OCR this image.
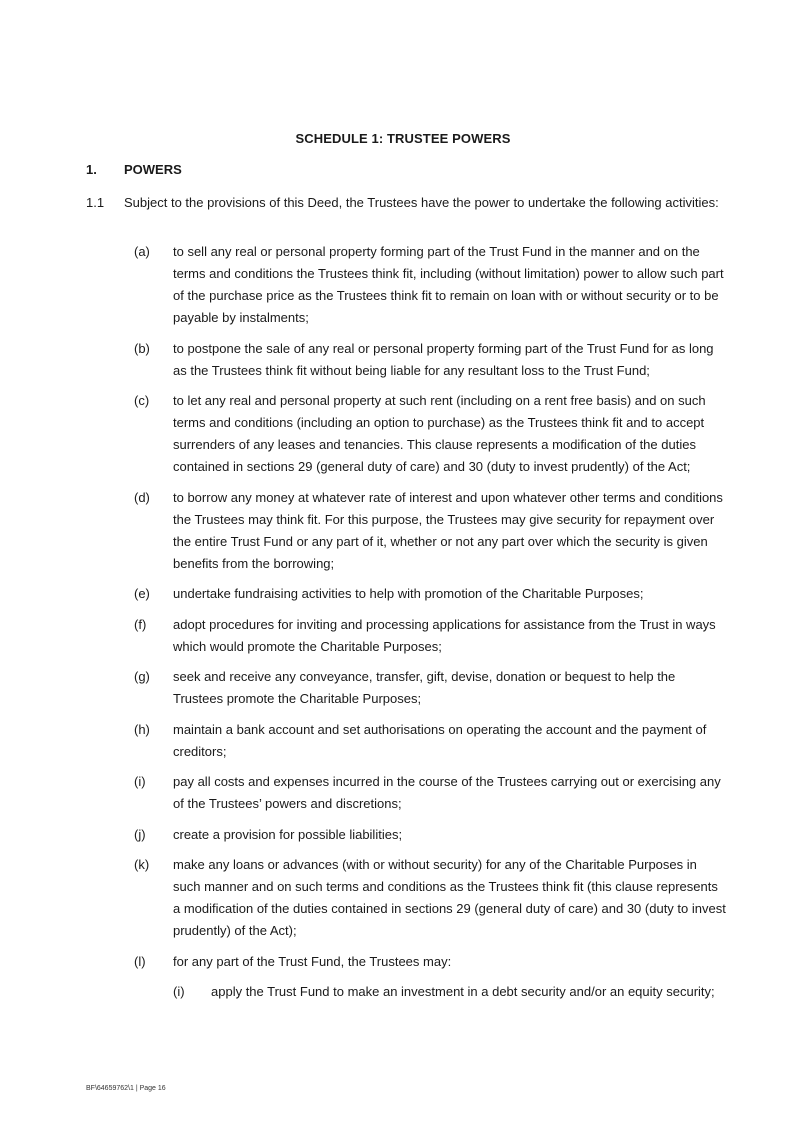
SCHEDULE 1: TRUSTEE POWERS
1. POWERS
1.1 Subject to the provisions of this Deed, the Trustees have the power to undertake the following activities:
(a) to sell any real or personal property forming part of the Trust Fund in the manner and on the terms and conditions the Trustees think fit, including (without limitation) power to allow such part of the purchase price as the Trustees think fit to remain on loan with or without security or to be payable by instalments;
(b) to postpone the sale of any real or personal property forming part of the Trust Fund for as long as the Trustees think fit without being liable for any resultant loss to the Trust Fund;
(c) to let any real and personal property at such rent (including on a rent free basis) and on such terms and conditions (including an option to purchase) as the Trustees think fit and to accept surrenders of any leases and tenancies. This clause represents a modification of the duties contained in sections 29 (general duty of care) and 30 (duty to invest prudently) of the Act;
(d) to borrow any money at whatever rate of interest and upon whatever other terms and conditions the Trustees may think fit. For this purpose, the Trustees may give security for repayment over the entire Trust Fund or any part of it, whether or not any part over which the security is given benefits from the borrowing;
(e) undertake fundraising activities to help with promotion of the Charitable Purposes;
(f) adopt procedures for inviting and processing applications for assistance from the Trust in ways which would promote the Charitable Purposes;
(g) seek and receive any conveyance, transfer, gift, devise, donation or bequest to help the Trustees promote the Charitable Purposes;
(h) maintain a bank account and set authorisations on operating the account and the payment of creditors;
(i) pay all costs and expenses incurred in the course of the Trustees carrying out or exercising any of the Trustees’ powers and discretions;
(j) create a provision for possible liabilities;
(k) make any loans or advances (with or without security) for any of the Charitable Purposes in such manner and on such terms and conditions as the Trustees think fit (this clause represents a modification of the duties contained in sections 29 (general duty of care) and 30 (duty to invest prudently) of the Act);
(l) for any part of the Trust Fund, the Trustees may:
(i) apply the Trust Fund to make an investment in a debt security and/or an equity security;
BF\64659762\1 | Page 16
